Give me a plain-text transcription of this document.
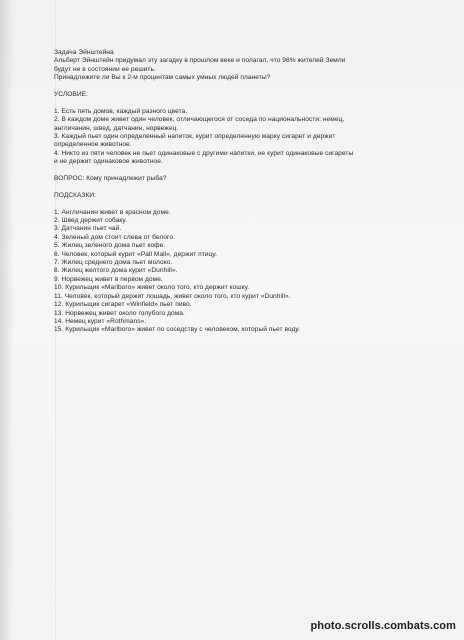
Задача Эйнштейна
Альберт Эйнштейн придумал эту загадку в прошлом веке и полагал, что 98% жителей Земли
будут не в состоянии ее решить.
Принадлежите ли Вы к 2-м процентам самых умных людей планеты?
УСЛОВИЕ:
1. Есть пять домов, каждый разного цвета.
2. В каждом доме живет один человек, отличающегося от соседа по национальности: немец,
англичанин, швед, датчанин, норвежец.
3. Каждый пьет один определенный напиток, курит определенную марку сигарет и держит
определенное животное.
4. Никто из пяти человек не пьет одинаковые с другими напитки, не курит одинаковые сигареты
и не держит одинаковое животное.
ВОПРОС: Кому принадлежит рыба?
ПОДСКАЗКИ:
1. Англичанин живет в красном доме.
2. Швед держит собаку.
3. Датчанин пьет чай.
4. Зеленый дом стоит слева от белого.
5. Жилец зеленого дома пьет кофе.
6. Человек, который курит «Pall Mall», держит птицу.
7. Жилец среднего дома пьет молоко.
8. Жилец желтого дома курит «Dunhill».
9. Норвежец живет в первом доме.
10. Курильщик «Marlboro» живет около того, кто держит кошку.
11. Человек, который держит лошадь, живет около того, кто курит «Dunhill».
12. Курильщик сигарет «Winfield» пьет пиво.
13. Норвежец живет около голубого дома.
14. Немец курит «Rothmans».
15. Курильщик «Marlboro» живет по соседству с человеком, который пьет воду.
photo.scrolls.combats.com
